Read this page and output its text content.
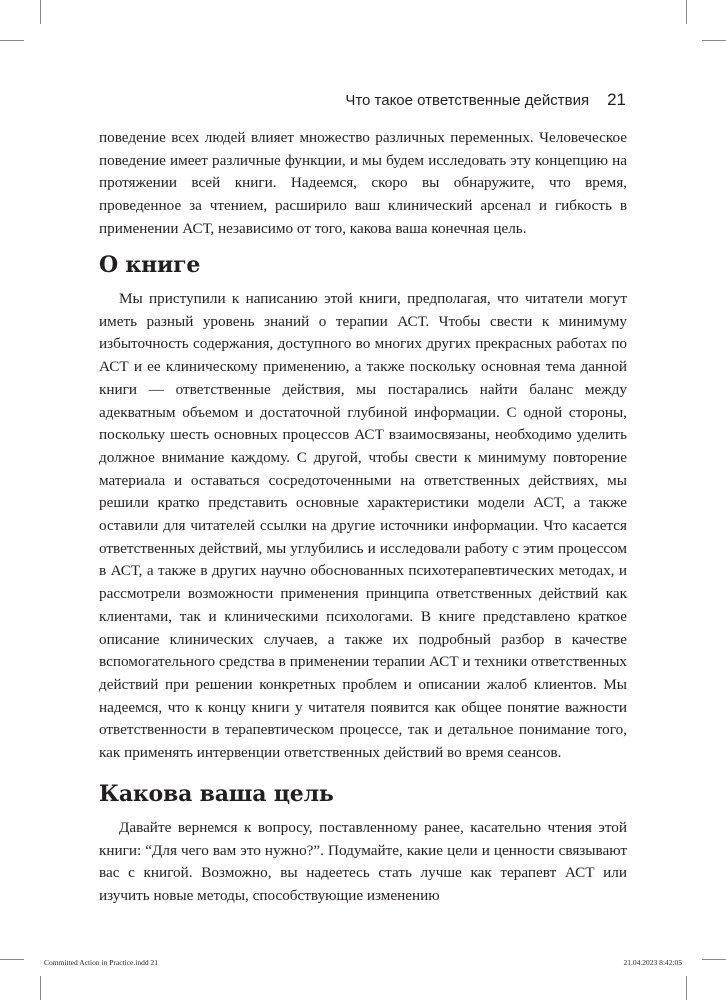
Что такое ответственные действия 21

поведение всех людей влияет множество различных переменных. Человеческое поведение имеет различные функции, и мы будем исследовать эту концепцию на протяжении всей книги. Надеемся, скоро вы обнаружите, что время, проведенное за чтением, расширило ваш клинический арсенал и гибкость в применении АСТ, независимо от того, какова ваша конечная цель.

О книге

Мы приступили к написанию этой книги, предполагая, что читатели могут иметь разный уровень знаний о терапии АСТ. Чтобы свести к минимуму избыточность содержания, доступного во многих других прекрасных работах по АСТ и ее клиническому применению, а также поскольку основная тема данной книги — ответственные действия, мы постарались найти баланс между адекватным объемом и достаточной глубиной информации. С одной стороны, поскольку шесть основных процессов АСТ взаимосвязаны, необходимо уделить должное внимание каждому. С другой, чтобы свести к минимуму повторение материала и оставаться сосредоточенными на ответственных действиях, мы решили кратко представить основные характеристики модели АСТ, а также оставили для читателей ссылки на другие источники информации. Что касается ответственных действий, мы углубились и исследовали работу с этим процессом в АСТ, а также в других научно обоснованных психотерапевтических методах, и рассмотрели возможности применения принципа ответственных действий как клиентами, так и клиническими психологами. В книге представлено краткое описание клинических случаев, а также их подробный разбор в качестве вспомогательного средства в применении терапии АСТ и техники ответственных действий при решении конкретных проблем и описании жалоб клиентов. Мы надеемся, что к концу книги у читателя появится как общее понятие важности ответственности в терапевтическом процессе, так и детальное понимание того, как применять интервенции ответственных действий во время сеансов.

Какова ваша цель

Давайте вернемся к вопросу, поставленному ранее, касательно чтения этой книги: “Для чего вам это нужно?”. Подумайте, какие цели и ценности связывают вас с книгой. Возможно, вы надеетесь стать лучше как терапевт АСТ или изучить новые методы, способствующие изменению

Committed Action in Practice.indd 21	21.04.2023 8:42:05
